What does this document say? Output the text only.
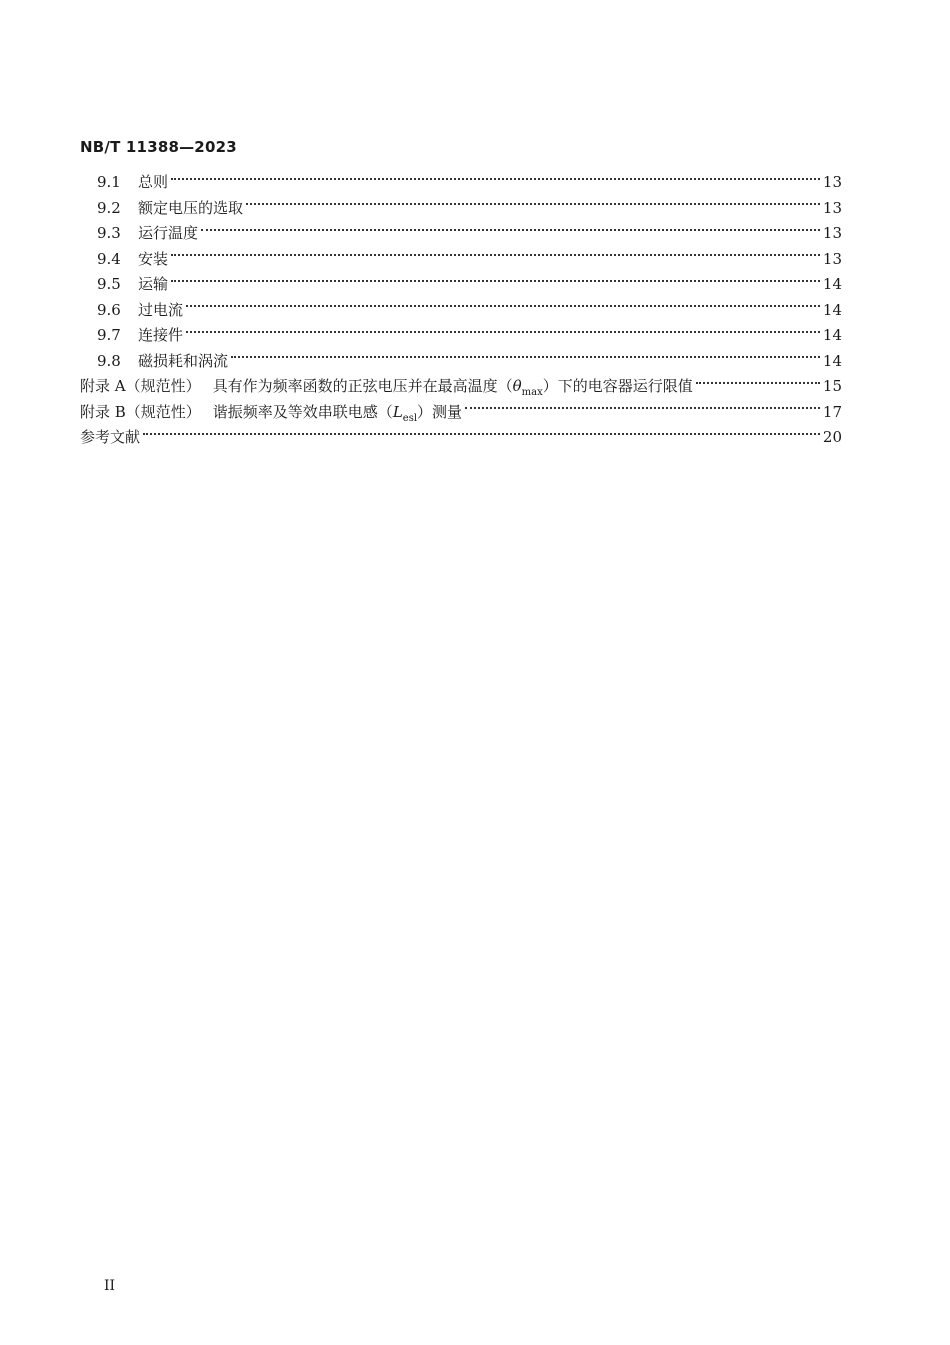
NB/T 11388—2023
9.1	总则	13
9.2	额定电压的选取	13
9.3	运行温度	13
9.4	安装	13
9.5	运输	14
9.6	过电流	14
9.7	连接件	14
9.8	磁损耗和涡流	14
附录 A（规范性） 具有作为频率函数的正弦电压并在最高温度$(\theta_{max})$下的电容器运行限值	15
附录 B（规范性） 谐振频率及等效串联电感$(L_{esl})$测量	17
参考文献	20
II
